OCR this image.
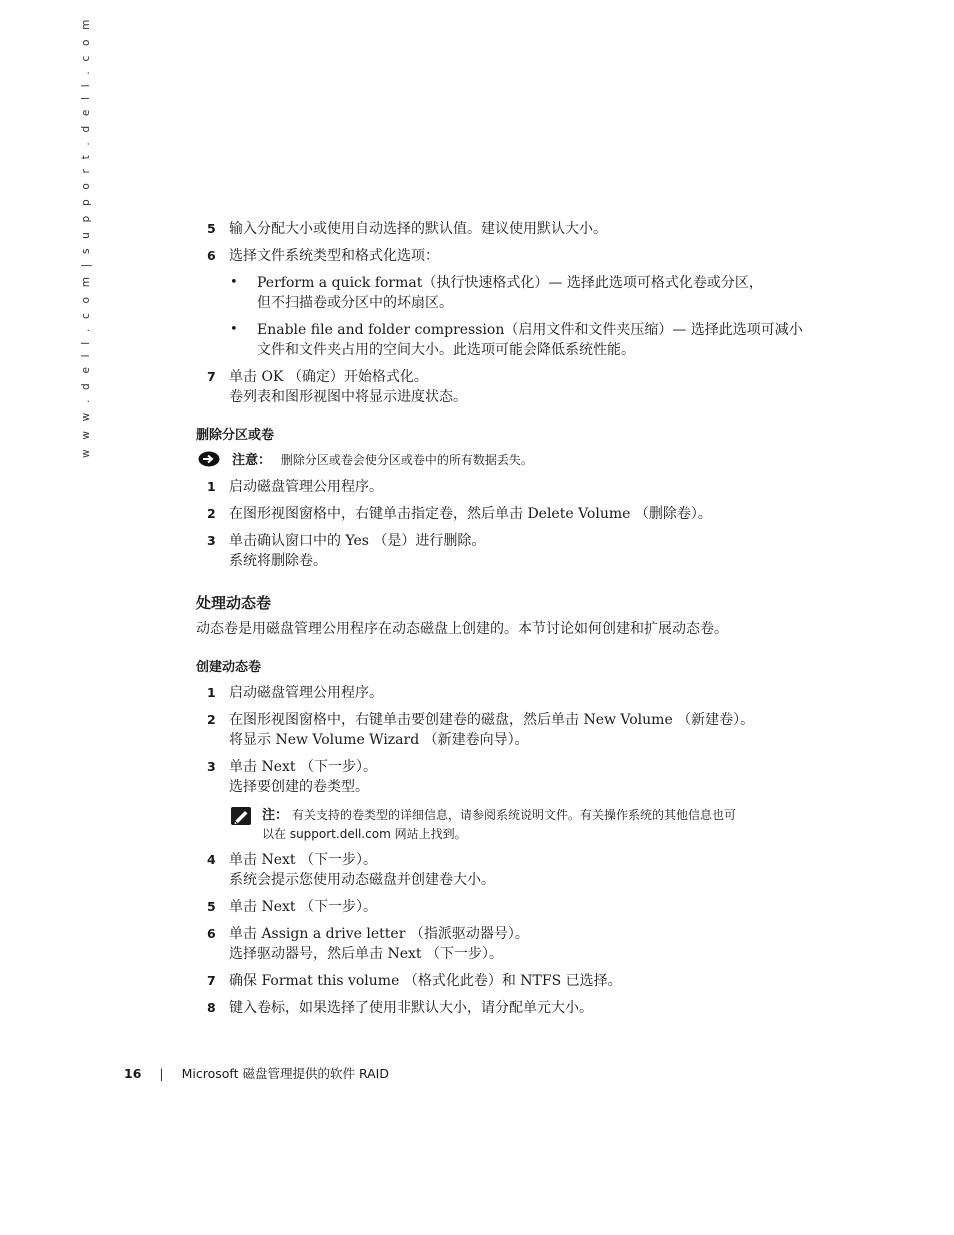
w w w . d e l l . c o m | s u p p o r t . d e l l . c o m	5 输入分配大小或使用自动选择的默认值。建议使用默认大小。
6 选择文件系统类型和格式化选项：
• Perform a quick format（执行快速格式化）— 选择此选项可格式化卷或分区，
但不扫描卷或分区中的坏扇区。
• Enable file and folder compression（启用文件和文件夹压缩）— 选择此选项可减小
文件和文件夹占用的空间大小。此选项可能会降低系统性能。
7 单击 OK （确定）开始格式化。
卷列表和图形视图中将显示进度状态。
删除分区或卷
注意： 删除分区或卷会使分区或卷中的所有数据丢失。
1 启动磁盘管理公用程序。
2 在图形视图窗格中，右键单击指定卷，然后单击 Delete Volume （删除卷）。
3 单击确认窗口中的 Yes （是）进行删除。
系统将删除卷。
处理动态卷
动态卷是用磁盘管理公用程序在动态磁盘上创建的。本节讨论如何创建和扩展动态卷。
创建动态卷
1 启动磁盘管理公用程序。
2 在图形视图窗格中，右键单击要创建卷的磁盘，然后单击 New Volume （新建卷）。
将显示 New Volume Wizard （新建卷向导）。
3 单击 Next （下一步）。
选择要创建的卷类型。
注： 有关支持的卷类型的详细信息，请参阅系统说明文件。有关操作系统的其他信息也可
以在 support.dell.com 网站上找到。
4 单击 Next （下一步）。
系统会提示您使用动态磁盘并创建卷大小。
5 单击 Next （下一步）。
6 单击 Assign a drive letter （指派驱动器号）。
选择驱动器号，然后单击 Next （下一步）。
7 确保 Format this volume （格式化此卷）和 NTFS 已选择。
8 键入卷标，如果选择了使用非默认大小，请分配单元大小。
16 | Microsoft 磁盘管理提供的软件 RAID
